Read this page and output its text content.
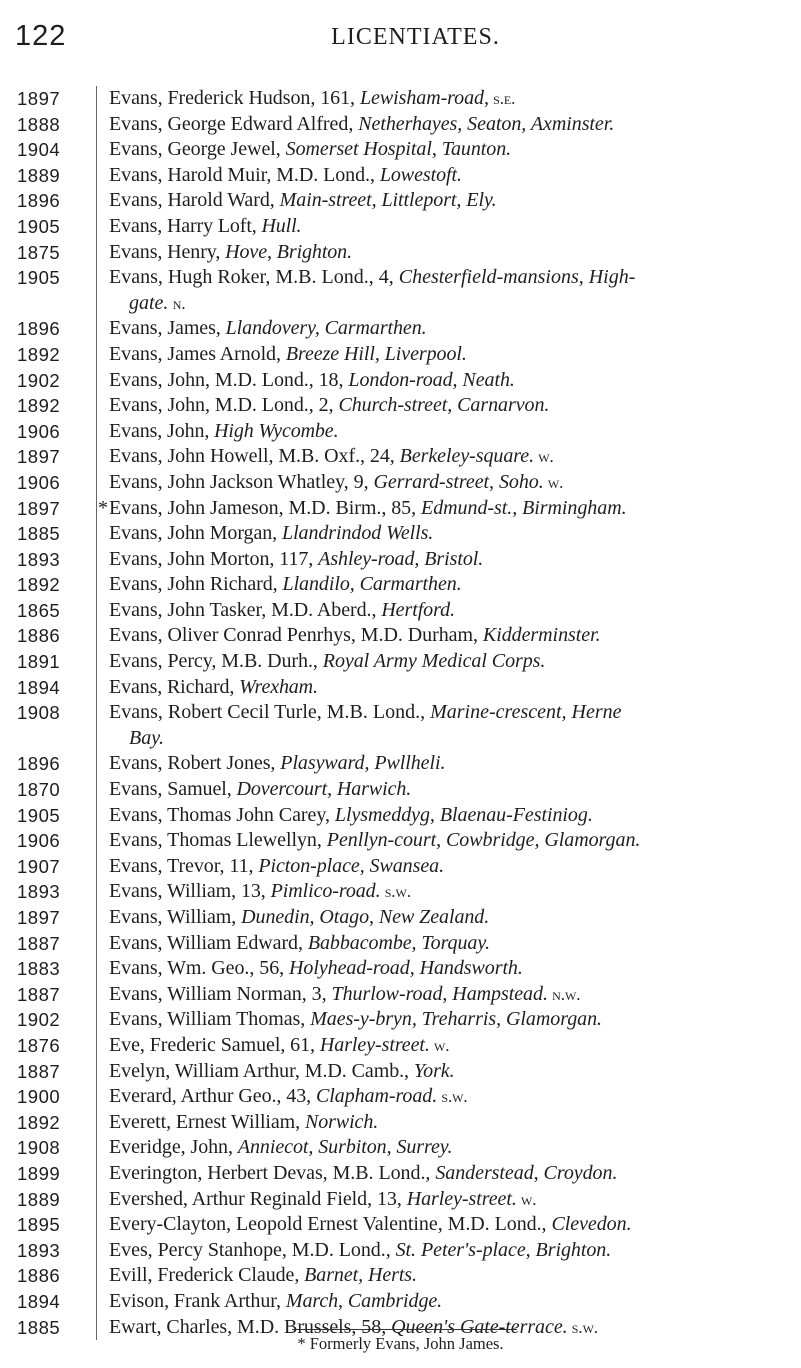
122	LICENTIATES.
1897	Evans, Frederick Hudson, 161, Lewisham-road, s.e.
1888	Evans, George Edward Alfred, Netherhayes, Seaton, Axminster.
1904	Evans, George Jewel, Somerset Hospital, Taunton.
1889	Evans, Harold Muir, M.D. Lond., Lowestoft.
1896	Evans, Harold Ward, Main-street, Littleport, Ely.
1905	Evans, Harry Loft, Hull.
1875	Evans, Henry, Hove, Brighton.
1905	Evans, Hugh Roker, M.B. Lond., 4, Chesterfield-mansions, High-
gate. n.
1896	Evans, James, Llandovery, Carmarthen.
1892	Evans, James Arnold, Breeze Hill, Liverpool.
1902	Evans, John, M.D. Lond., 18, London-road, Neath.
1892	Evans, John, M.D. Lond., 2, Church-street, Carnarvon.
1906	Evans, John, High Wycombe.
1897	Evans, John Howell, M.B. Oxf., 24, Berkeley-square. w.
1906	Evans, John Jackson Whatley, 9, Gerrard-street, Soho. w.
1897	* Evans, John Jameson, M.D. Birm., 85, Edmund-st., Birmingham.
1885	Evans, John Morgan, Llandrindod Wells.
1893	Evans, John Morton, 117, Ashley-road, Bristol.
1892	Evans, John Richard, Llandilo, Carmarthen.
1865	Evans, John Tasker, M.D. Aberd., Hertford.
1886	Evans, Oliver Conrad Penrhys, M.D. Durham, Kidderminster.
1891	Evans, Percy, M.B. Durh., Royal Army Medical Corps.
1894	Evans, Richard, Wrexham.
1908	Evans, Robert Cecil Turle, M.B. Lond., Marine-crescent, Herne
Bay.
1896	Evans, Robert Jones, Plasyward, Pwllheli.
1870	Evans, Samuel, Dovercourt, Harwich.
1905	Evans, Thomas John Carey, Llysmeddyg, Blaenau-Festiniog.
1906	Evans, Thomas Llewellyn, Penllyn-court, Cowbridge, Glamorgan.
1907	Evans, Trevor, 11, Picton-place, Swansea.
1893	Evans, William, 13, Pimlico-road. s.w.
1897	Evans, William, Dunedin, Otago, New Zealand.
1887	Evans, William Edward, Babbacombe, Torquay.
1883	Evans, Wm. Geo., 56, Holyhead-road, Handsworth.
1887	Evans, William Norman, 3, Thurlow-road, Hampstead. n.w.
1902	Evans, William Thomas, Maes-y-bryn, Treharris, Glamorgan.
1876	Eve, Frederic Samuel, 61, Harley-street. w.
1887	Evelyn, William Arthur, M.D. Camb., York.
1900	Everard, Arthur Geo., 43, Clapham-road. s.w.
1892	Everett, Ernest William, Norwich.
1908	Everidge, John, Anniecot, Surbiton, Surrey.
1899	Everington, Herbert Devas, M.B. Lond., Sanderstead, Croydon.
1889	Evershed, Arthur Reginald Field, 13, Harley-street. w.
1895	Every-Clayton, Leopold Ernest Valentine, M.D. Lond., Clevedon.
1893	Eves, Percy Stanhope, M.D. Lond., St. Peter's-place, Brighton.
1886	Evill, Frederick Claude, Barnet, Herts.
1894	Evison, Frank Arthur, March, Cambridge.
1885	Ewart, Charles, M.D. Brussels, 58, Queen's Gate-terrace. s.w.
* Formerly Evans, John James.
